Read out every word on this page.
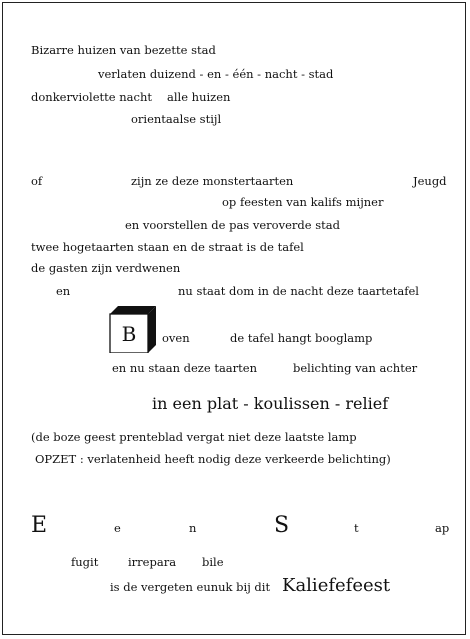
Bizarre huizen van bezette stad
verlaten duizend - en - één - nacht - stad
donkerviolette nacht alle huizen
orientaalse stijl
of	zijn ze deze monstertaarten	Jeugd
op feesten van kalifs mijner
en voorstellen de pas veroverde stad
twee hogetaarten staan en de straat is de tafel
de gasten zijn verdwenen
en	nu staat dom in de nacht deze taartetafel
B oven	de tafel hangt booglamp
en nu staan deze taarten	belichting van achter
in een plat - koulissen - relief
(de boze geest prenteblad vergat niet deze laatste lamp
OPZET : verlatenheid heeft nodig deze verkeerde belichting)
E	e	n	S	t	ap
fugit	irrepara bile
is de vergeten eunuk bij dit Kaliefefeest
